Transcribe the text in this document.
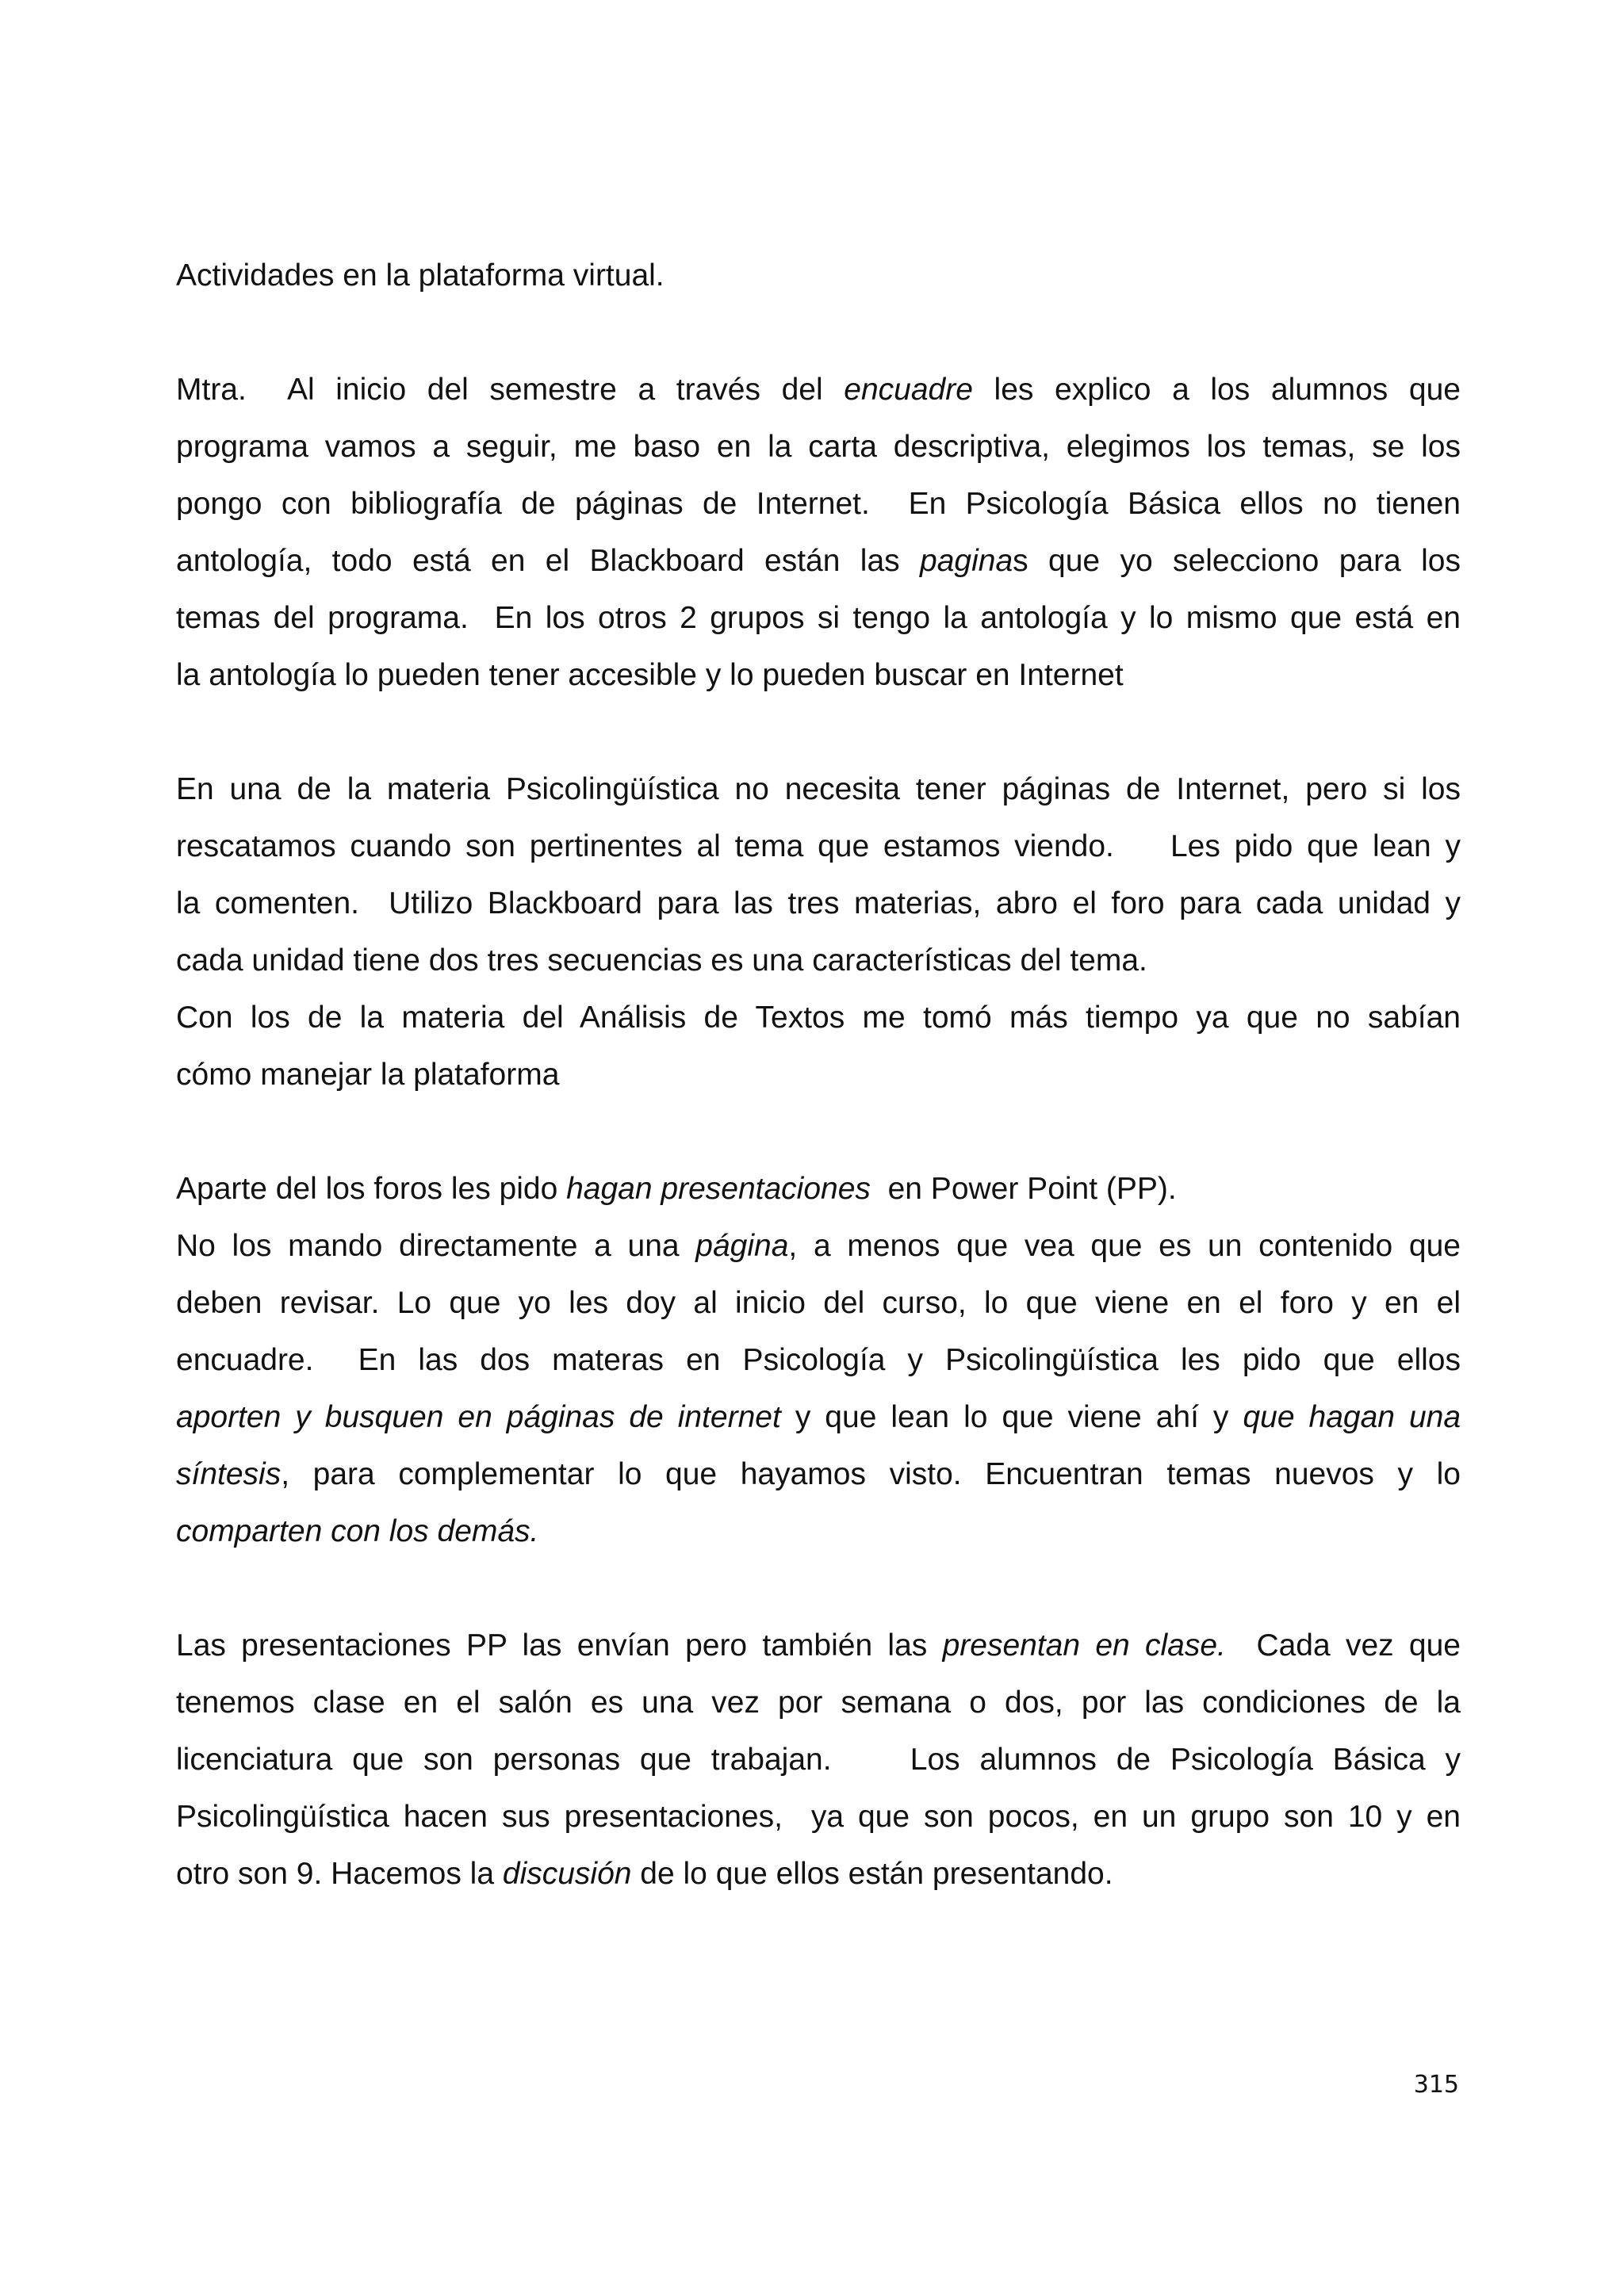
Actividades en la plataforma virtual.
Mtra.  Al inicio del semestre a través del encuadre les explico a los alumnos que
programa vamos a seguir, me baso en la carta descriptiva, elegimos los temas, se los
pongo con bibliografía de páginas de Internet.  En Psicología Básica ellos no tienen
antología, todo está en el Blackboard están las paginas que yo selecciono para los
temas del programa.  En los otros 2 grupos si tengo la antología y lo mismo que está en
la antología lo pueden tener accesible y lo pueden buscar en Internet
En una de la materia Psicolingüística no necesita tener páginas de Internet, pero si los
rescatamos cuando son pertinentes al tema que estamos viendo.    Les pido que lean y
la comenten.  Utilizo Blackboard para las tres materias, abro el foro para cada unidad y
cada unidad tiene dos tres secuencias es una características del tema.
Con los de la materia del Análisis de Textos me tomó más tiempo ya que no sabían
cómo manejar la plataforma
Aparte del los foros les pido hagan presentaciones  en Power Point (PP).
No los mando directamente a una página, a menos que vea que es un contenido que
deben revisar. Lo que yo les doy al inicio del curso, lo que viene en el foro y en el
encuadre.  En las dos materas en Psicología y Psicolingüística les pido que ellos
aporten y busquen en páginas de internet y que lean lo que viene ahí y que hagan una
síntesis, para complementar lo que hayamos visto. Encuentran temas nuevos y lo
comparten con los demás.
Las presentaciones PP las envían pero también las presentan en clase.  Cada vez que
tenemos clase en el salón es una vez por semana o dos, por las condiciones de la
licenciatura que son personas que trabajan.    Los alumnos de Psicología Básica y
Psicolingüística hacen sus presentaciones,  ya que son pocos, en un grupo son 10 y en
otro son 9. Hacemos la discusión de lo que ellos están presentando.
315
